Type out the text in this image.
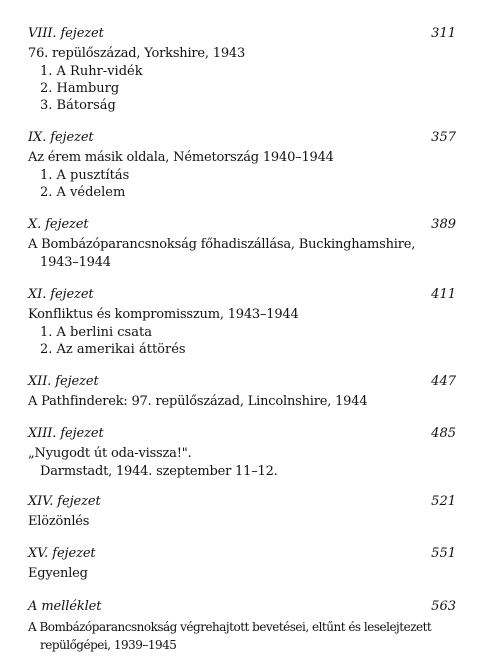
VIII. fejezet	311
76. repülőszázad, Yorkshire, 1943
1. A Ruhr-vidék
2. Hamburg
3. Bátorság
IX. fejezet	357
Az érem másik oldala, Németország 1940–1944
1. A pusztítás
2. A védelem
X. fejezet	389
A Bombázóparancsnokság főhadiszállása, Buckinghamshire,
1943–1944
XI. fejezet	411
Konfliktus és kompromisszum, 1943–1944
1. A berlini csata
2. Az amerikai áttörés
XII. fejezet	447
A Pathfinderek: 97. repülőszázad, Lincolnshire, 1944
XIII. fejezet	485
„Nyugodt út oda-vissza!".
Darmstadt, 1944. szeptember 11–12.
XIV. fejezet	521
Elözönlés
XV. fejezet	551
Egyenleg
A melléklet	563
A Bombázóparancsnokság végrehajtott bevetései, eltűnt és leselejtezett
repülőgépei, 1939–1945
